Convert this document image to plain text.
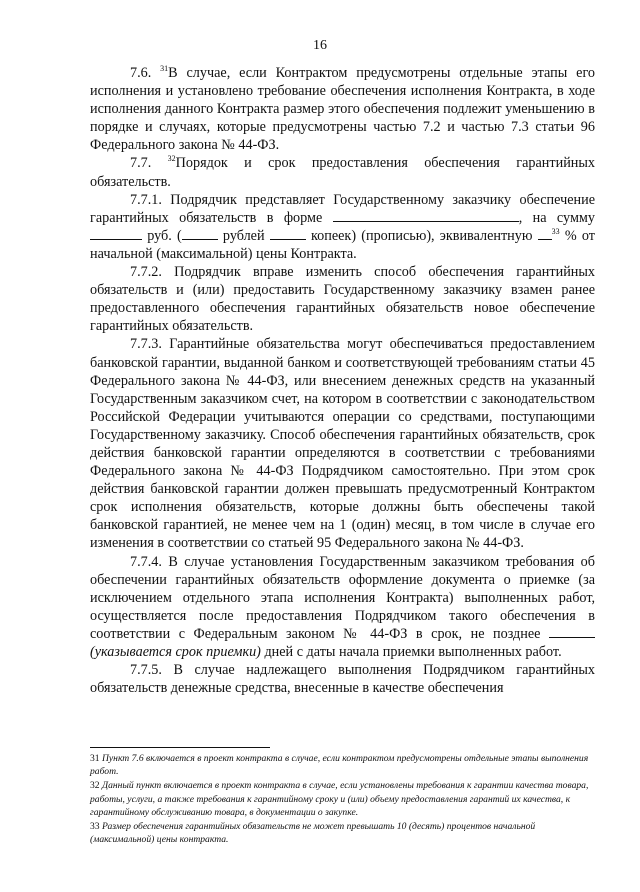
16

7.6. $^{31}$В случае, если Контрактом предусмотрены отдельные этапы его исполнения и установлено требование обеспечения исполнения Контракта, в ходе исполнения данного Контракта размер этого обеспечения подлежит уменьшению в порядке и случаях, которые предусмотрены частью 7.2 и частью 7.3 статьи 96 Федерального закона № 44-ФЗ.

7.7. $^{32}$Порядок и срок предоставления обеспечения гарантийных обязательств.

7.7.1. Подрядчик представляет Государственному заказчику обеспечение гарантийных обязательств в форме	, на сумму  руб. (	рублей	копеек) (прописью), эквивалентную $^{33}$ % от начальной (максимальной) цены Контракта.

7.7.2. Подрядчик вправе изменить способ обеспечения гарантийных обязательств и (или) предоставить Государственному заказчику взамен ранее предоставленного обеспечения гарантийных обязательств новое обеспечение гарантийных обязательств.

7.7.3. Гарантийные обязательства могут обеспечиваться предоставлением банковской гарантии, выданной банком и соответствующей требованиям статьи 45 Федерального закона № 44-ФЗ, или внесением денежных средств на указанный Государственным заказчиком счет, на котором в соответствии с законодательством Российской Федерации учитываются операции со средствами, поступающими Государственному заказчику. Способ обеспечения гарантийных обязательств, срок действия банковской гарантии определяются в соответствии с требованиями Федерального закона № 44-ФЗ Подрядчиком самостоятельно. При этом срок действия банковской гарантии должен превышать предусмотренный Контрактом срок исполнения обязательств, которые должны быть обеспечены такой банковской гарантией, не менее чем на 1 (один) месяц, в том числе в случае его изменения в соответствии со статьей 95 Федерального закона № 44-ФЗ.

7.7.4. В случае установления Государственным заказчиком требования об обеспечении гарантийных обязательств оформление документа о приемке (за исключением отдельного этапа исполнения Контракта) выполненных работ, осуществляется после предоставления Подрядчиком такого обеспечения в соответствии с Федеральным законом № 44-ФЗ в срок, не позднее  (указывается срок приемки) дней с даты начала приемки выполненных работ.

7.7.5. В случае надлежащего выполнения Подрядчиком гарантийных обязательств денежные средства, внесенные в качестве обеспечения

31 Пункт 7.6 включается в проект контракта в случае, если контрактом предусмотрены отдельные этапы выполнения работ.

32 Данный пункт включается в проект контракта в случае, если установлены требования к гарантии качества товара, работы, услуги, а также требования к гарантийному сроку и (или) объему предоставления гарантий их качества, к гарантийному обслуживанию товара, в документации о закупке.

33 Размер обеспечения гарантийных обязательств не может превышать 10 (десять) процентов начальной (максимальной) цены контракта.
